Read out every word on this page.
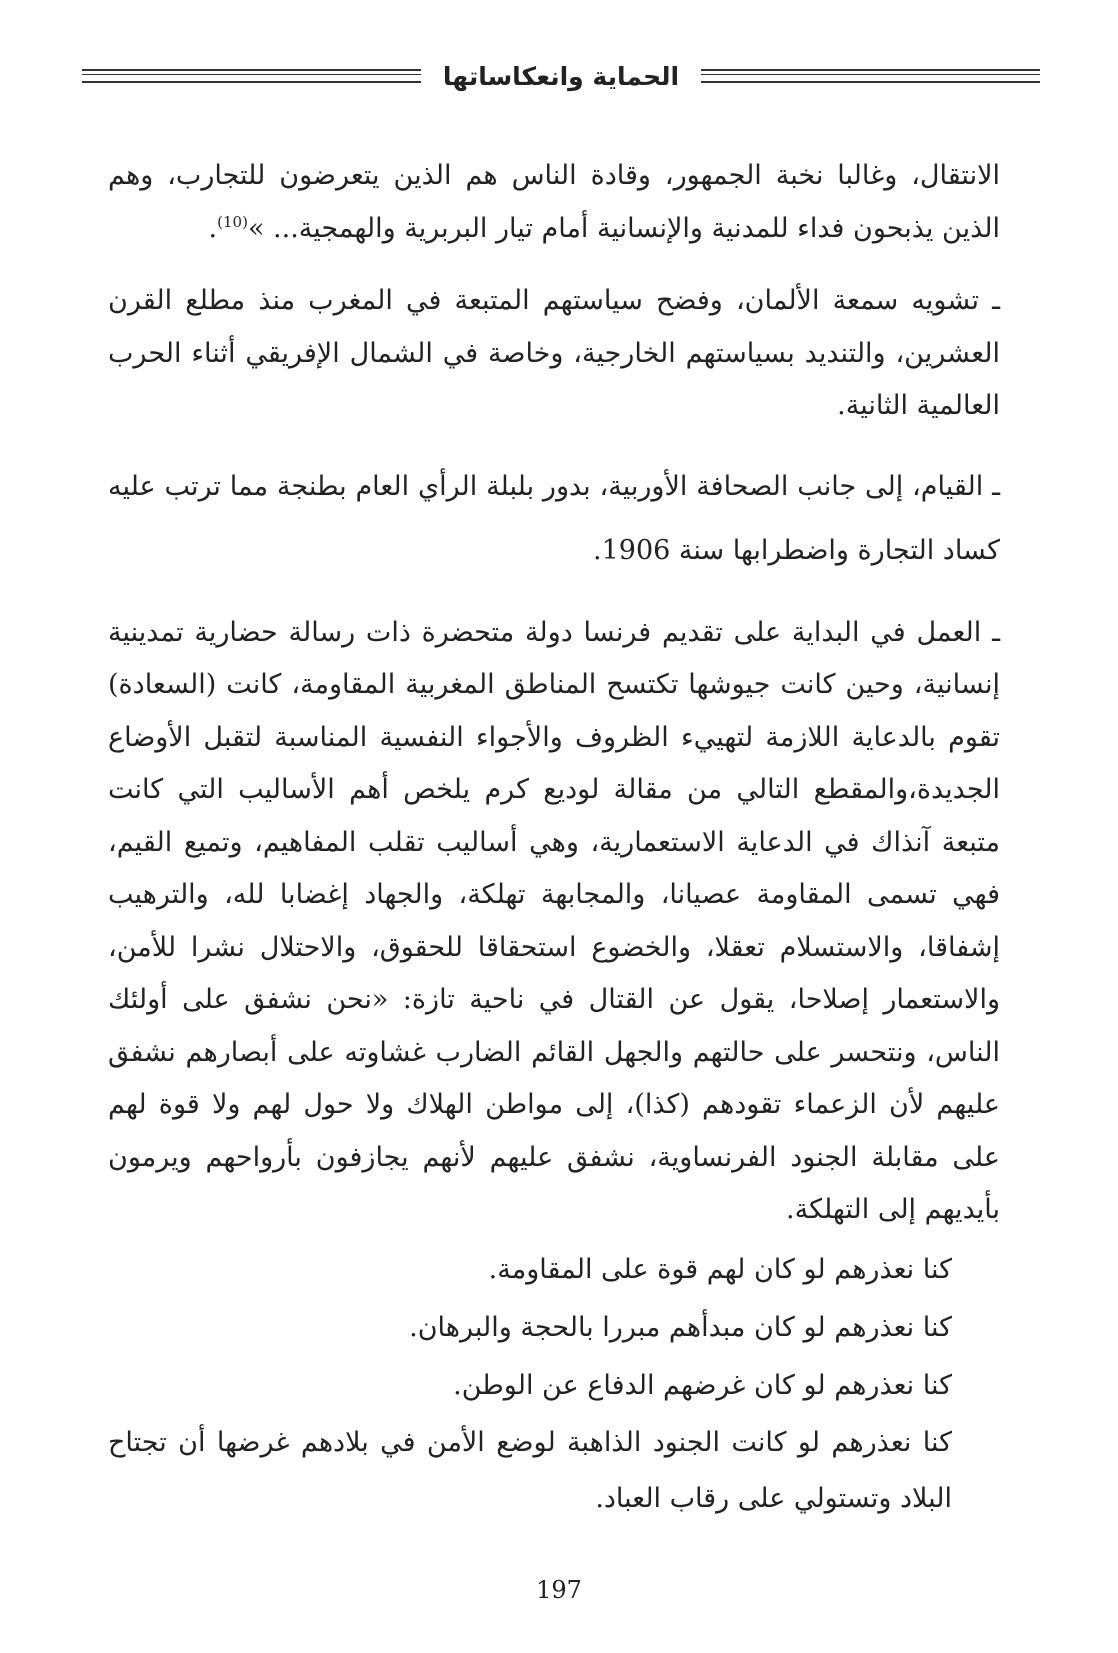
الحماية وانعكاساتها

الانتقال، وغالبا نخبة الجمهور، وقادة الناس هم الذين يتعرضون للتجارب، وهم الذين يذبحون فداء للمدنية والإنسانية أمام تيار البربرية والهمجية... »$^{(10)}$.

ـ تشويه سمعة الألمان، وفضح سياستهم المتبعة في المغرب منذ مطلع القرن العشرين، والتنديد بسياستهم الخارجية، وخاصة في الشمال الإفريقي أثناء الحرب العالمية الثانية.

ـ القيام، إلى جانب الصحافة الأوربية، بدور بلبلة الرأي العام بطنجة مما ترتب عليه كساد التجارة واضطرابها سنة 1906.

ـ العمل في البداية على تقديم فرنسا دولة متحضرة ذات رسالة حضارية تمدينية إنسانية، وحين كانت جيوشها تكتسح المناطق المغربية المقاومة، كانت (السعادة) تقوم بالدعاية اللازمة لتهييء الظروف والأجواء النفسية المناسبة لتقبل الأوضاع الجديدة،والمقطع التالي من مقالة لوديع كرم يلخص أهم الأساليب التي كانت متبعة آنذاك في الدعاية الاستعمارية، وهي أساليب تقلب المفاهيم، وتميع القيم، فهي تسمى المقاومة عصيانا، والمجابهة تهلكة، والجهاد إغضابا لله، والترهيب إشفاقا، والاستسلام تعقلا، والخضوع استحقاقا للحقوق، والاحتلال نشرا للأمن، والاستعمار إصلاحا، يقول عن القتال في ناحية تازة: «نحن نشفق على أولئك الناس، ونتحسر على حالتهم والجهل القائم الضارب غشاوته على أبصارهم نشفق عليهم لأن الزعماء تقودهم (كذا)، إلى مواطن الهلاك ولا حول لهم ولا قوة لهم على مقابلة الجنود الفرنساوية، نشفق عليهم لأنهم يجازفون بأرواحهم ويرمون بأيديهم إلى التهلكة.

كنا نعذرهم لو كان لهم قوة على المقاومة.

كنا نعذرهم لو كان مبدأهم مبررا بالحجة والبرهان.

كنا نعذرهم لو كان غرضهم الدفاع عن الوطن.

كنا نعذرهم لو كانت الجنود الذاهبة لوضع الأمن في بلادهم غرضها أن تجتاح البلاد وتستولي على رقاب العباد.

197
